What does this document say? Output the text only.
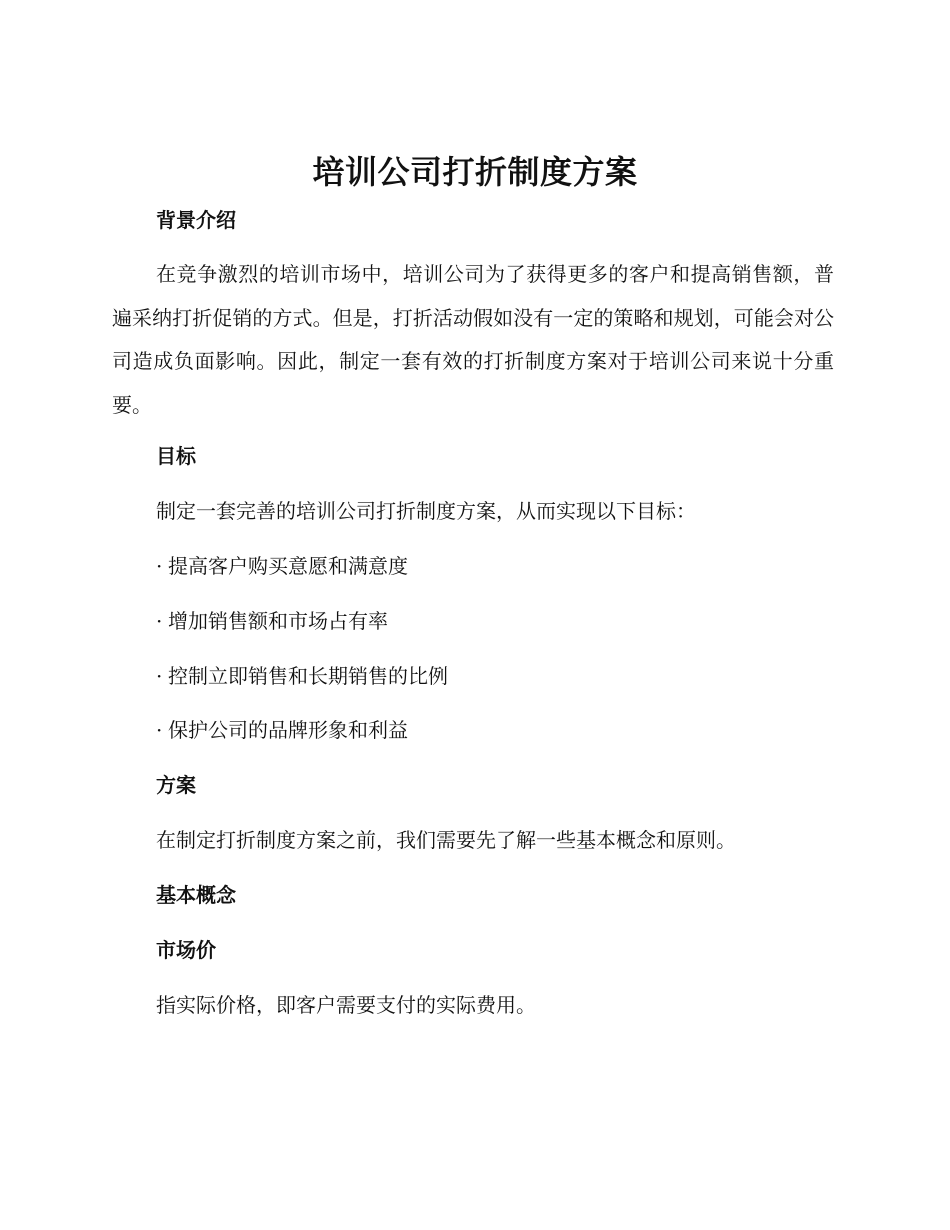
培训公司打折制度方案
背景介绍
在竞争激烈的培训市场中，培训公司为了获得更多的客户和提高销售额，普遍采纳打折促销的方式。但是，打折活动假如没有一定的策略和规划，可能会对公司造成负面影响。因此，制定一套有效的打折制度方案对于培训公司来说十分重要。
目标
制定一套完善的培训公司打折制度方案，从而实现以下目标：
· 提高客户购买意愿和满意度
· 增加销售额和市场占有率
· 控制立即销售和长期销售的比例
· 保护公司的品牌形象和利益
方案
在制定打折制度方案之前，我们需要先了解一些基本概念和原则。
基本概念
市场价
指实际价格，即客户需要支付的实际费用。
